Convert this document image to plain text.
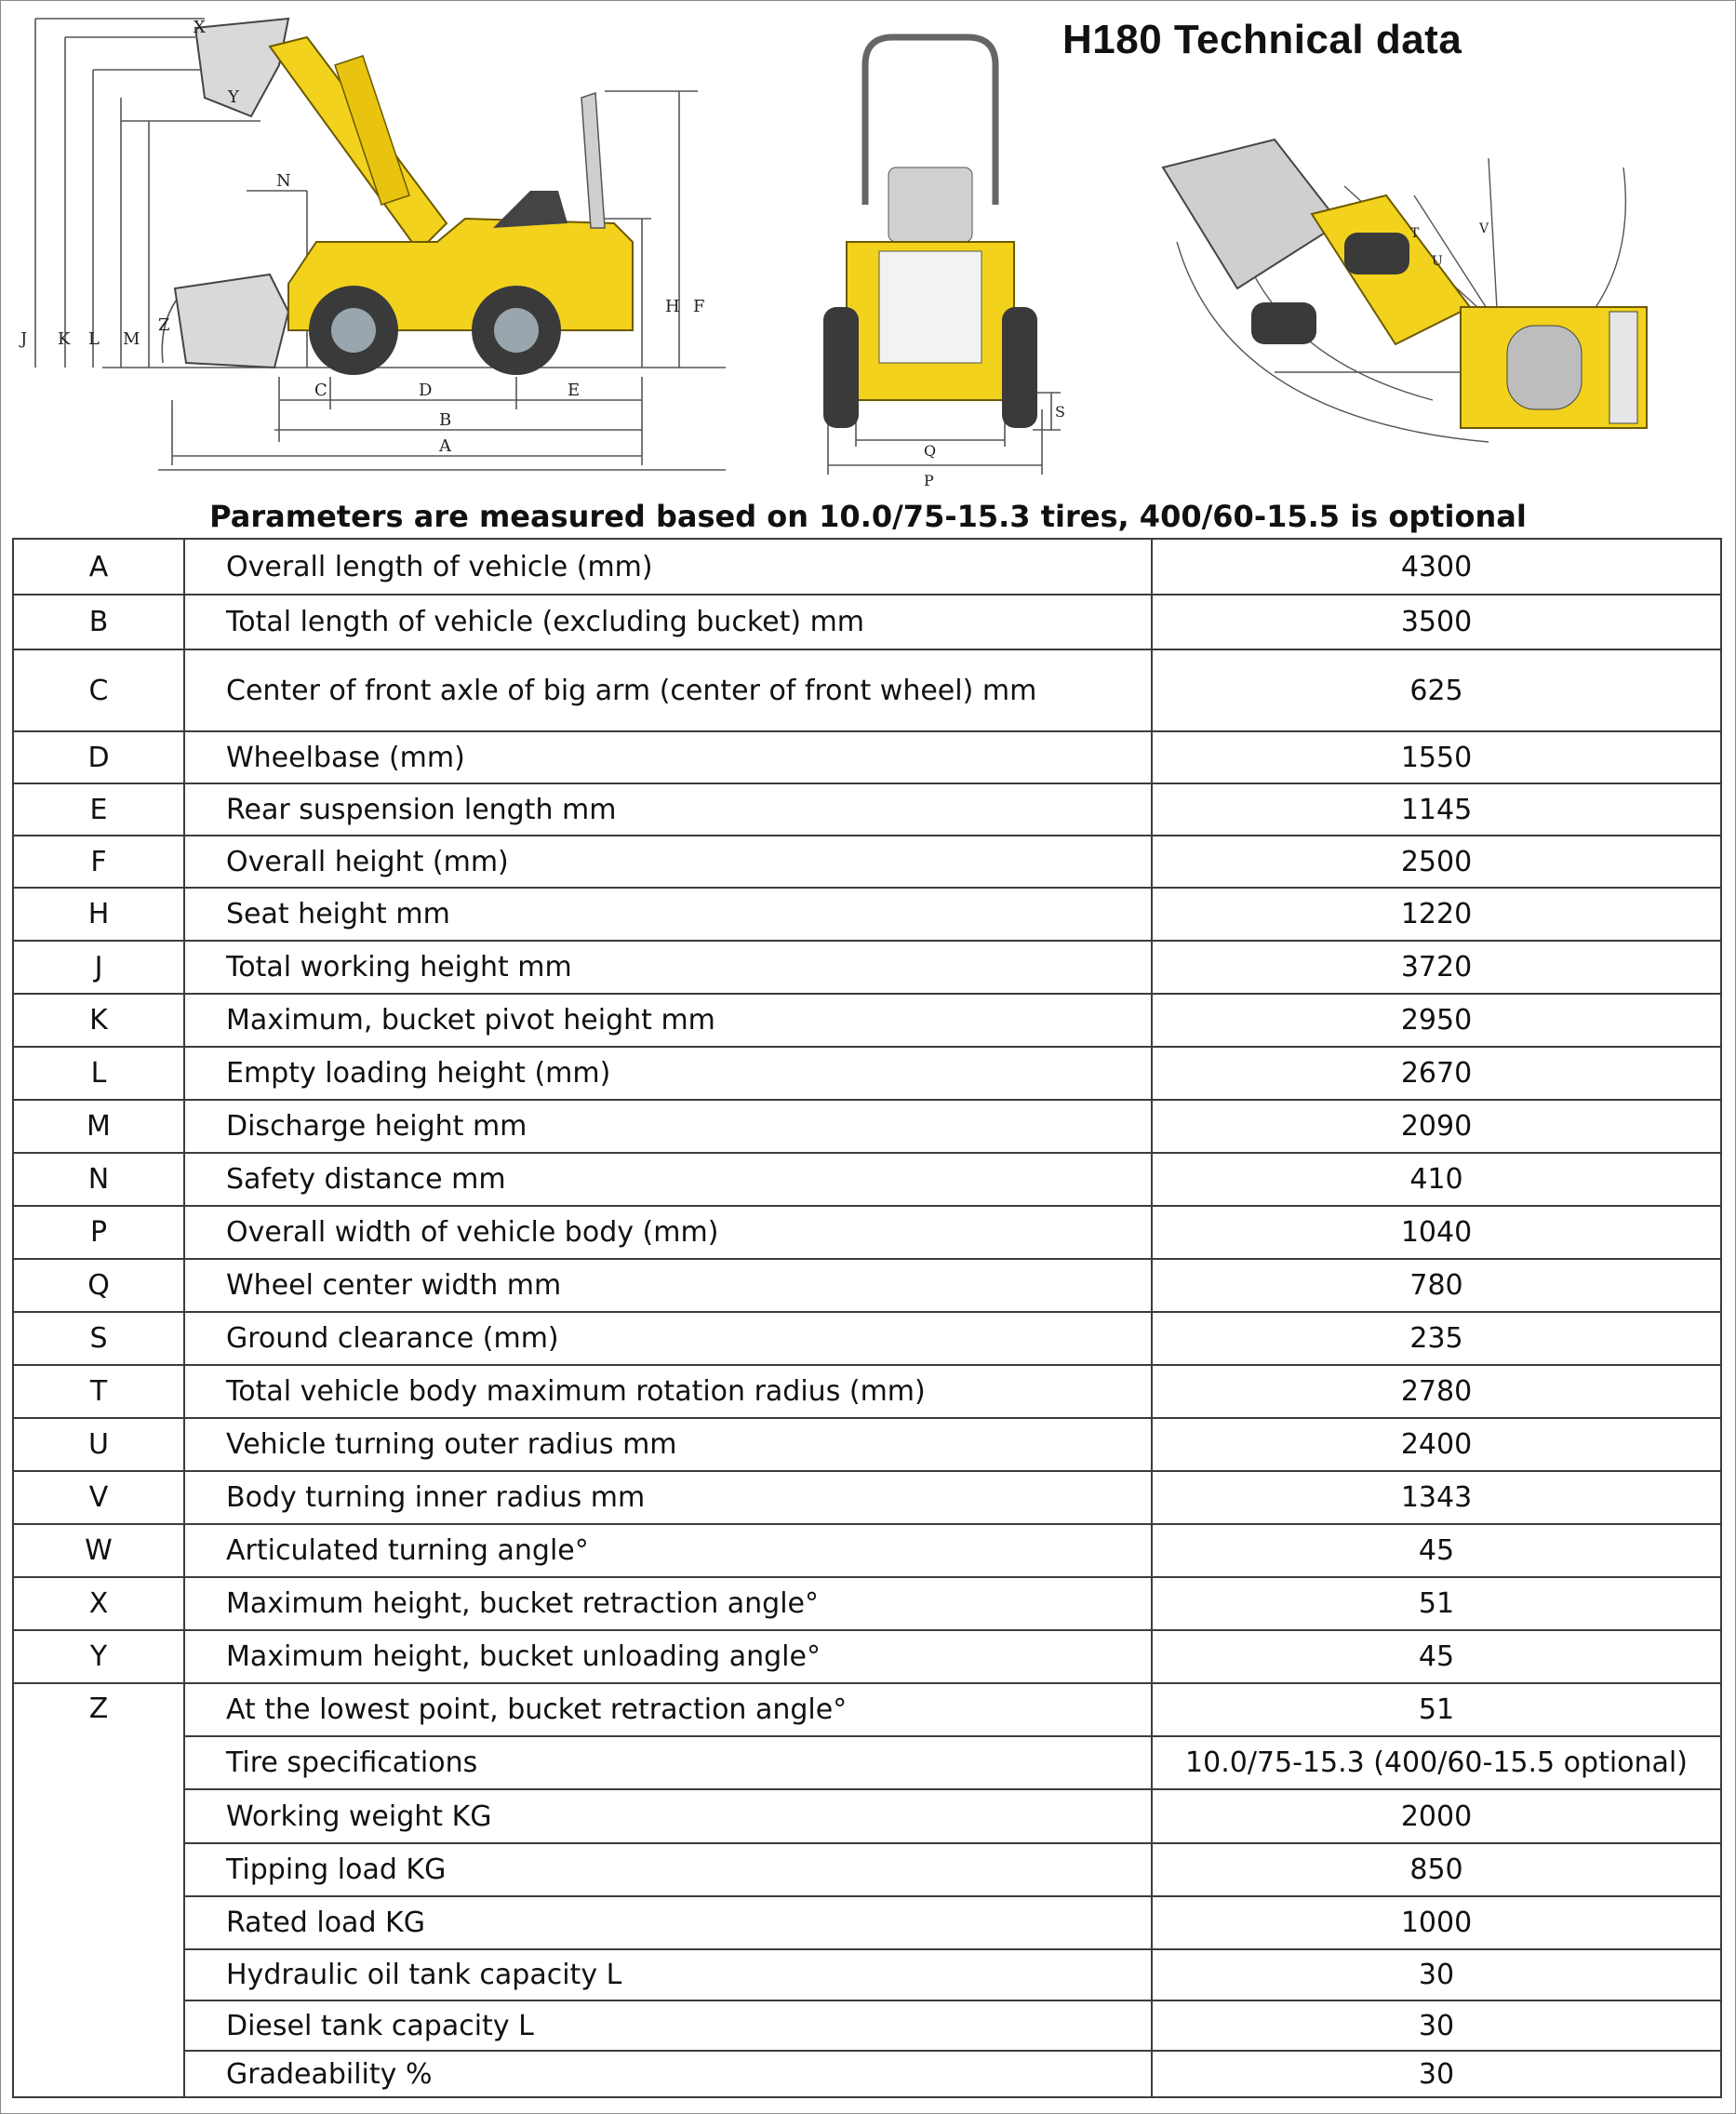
J K L M
Z
N
X
Y
H F
C	D	E
B
A
S
Q
P
T
U
V
H180 Technical data
Parameters are measured based on 10.0/75-15.3 tires, 400/60-15.5 is optional
A	Overall length of vehicle (mm)	4300
B	Total length of vehicle (excluding bucket) mm	3500
C	Center of front axle of big arm (center of front wheel) mm	625
D	Wheelbase (mm)	1550
E	Rear suspension length mm	1145
F	Overall height (mm)	2500
H	Seat height mm	1220
J	Total working height mm	3720
K	Maximum, bucket pivot height mm	2950
L	Empty loading height (mm)	2670
M	Discharge height mm	2090
N	Safety distance mm	410
P	Overall width of vehicle body (mm)	1040
Q	Wheel center width mm	780
S	Ground clearance (mm)	235
T	Total vehicle body maximum rotation radius (mm)	2780
U	Vehicle turning outer radius mm	2400
V	Body turning inner radius mm	1343
W	Articulated turning angle°	45
X	Maximum height, bucket retraction angle°	51
Y	Maximum height, bucket unloading angle°	45
Z	At the lowest point, bucket retraction angle°	51
	Tire specifications	10.0/75-15.3 (400/60-15.5 optional)
	Working weight KG	2000
	Tipping load KG	850
	Rated load KG	1000
	Hydraulic oil tank capacity L	30
	Diesel tank capacity L	30
	Gradeability %	30
